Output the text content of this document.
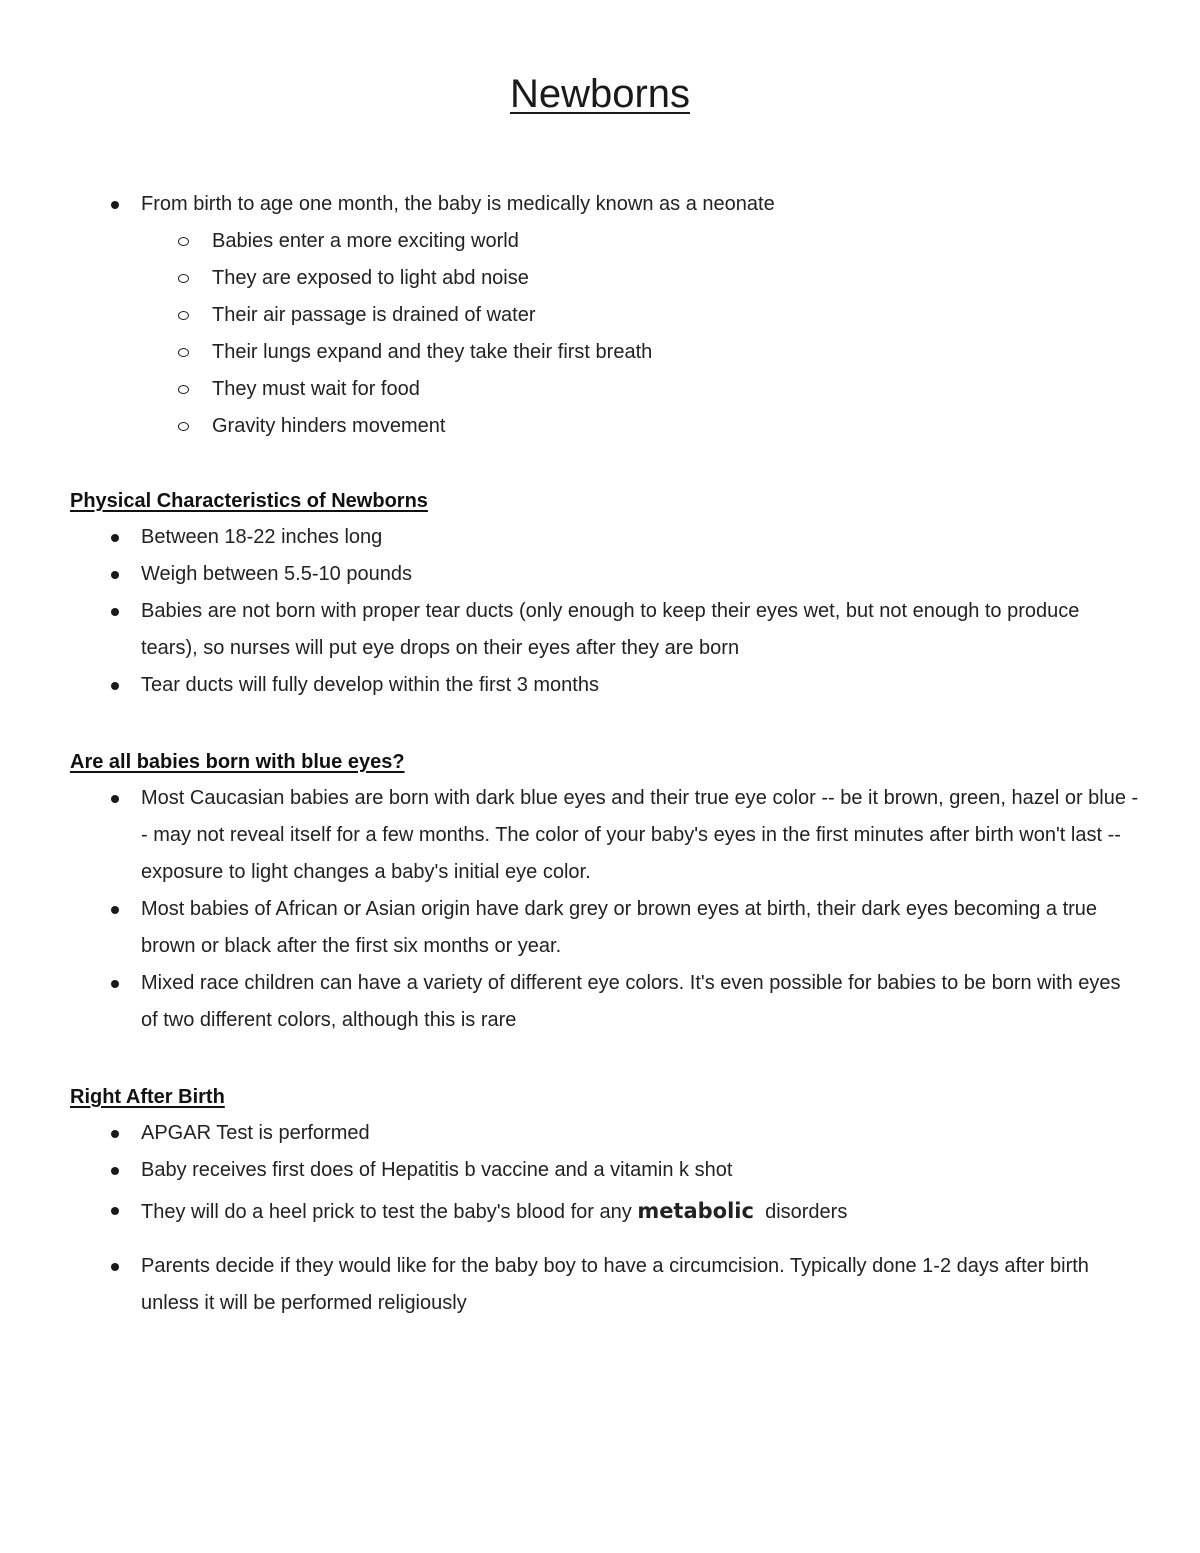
Newborns
From birth to age one month, the baby is medically known as a neonate
Babies enter a more exciting world
They are exposed to light abd noise
Their air passage is drained of water
Their lungs expand and they take their first breath
They must wait for food
Gravity hinders movement
Physical Characteristics of Newborns
Between 18-22 inches long
Weigh between 5.5-10 pounds
Babies are not born with proper tear ducts (only enough to keep their eyes wet, but not enough to produce tears), so nurses will put eye drops on their eyes after they are born
Tear ducts will fully develop within the first 3 months
Are all babies born with blue eyes?
Most Caucasian babies are born with dark blue eyes and their true eye color -- be it brown, green, hazel or blue -- may not reveal itself for a few months. The color of your baby's eyes in the first minutes after birth won't last -- exposure to light changes a baby's initial eye color.
Most babies of African or Asian origin have dark grey or brown eyes at birth, their dark eyes becoming a true brown or black after the first six months or year.
Mixed race children can have a variety of different eye colors. It's even possible for babies to be born with eyes of two different colors, although this is rare
Right After Birth
APGAR Test is performed
Baby receives first does of Hepatitis b vaccine and a vitamin k shot
They will do a heel prick to test the baby's blood for any metabolic  disorders
Parents decide if they would like for the baby boy to have a circumcision. Typically done 1-2 days after birth unless it will be performed religiously
